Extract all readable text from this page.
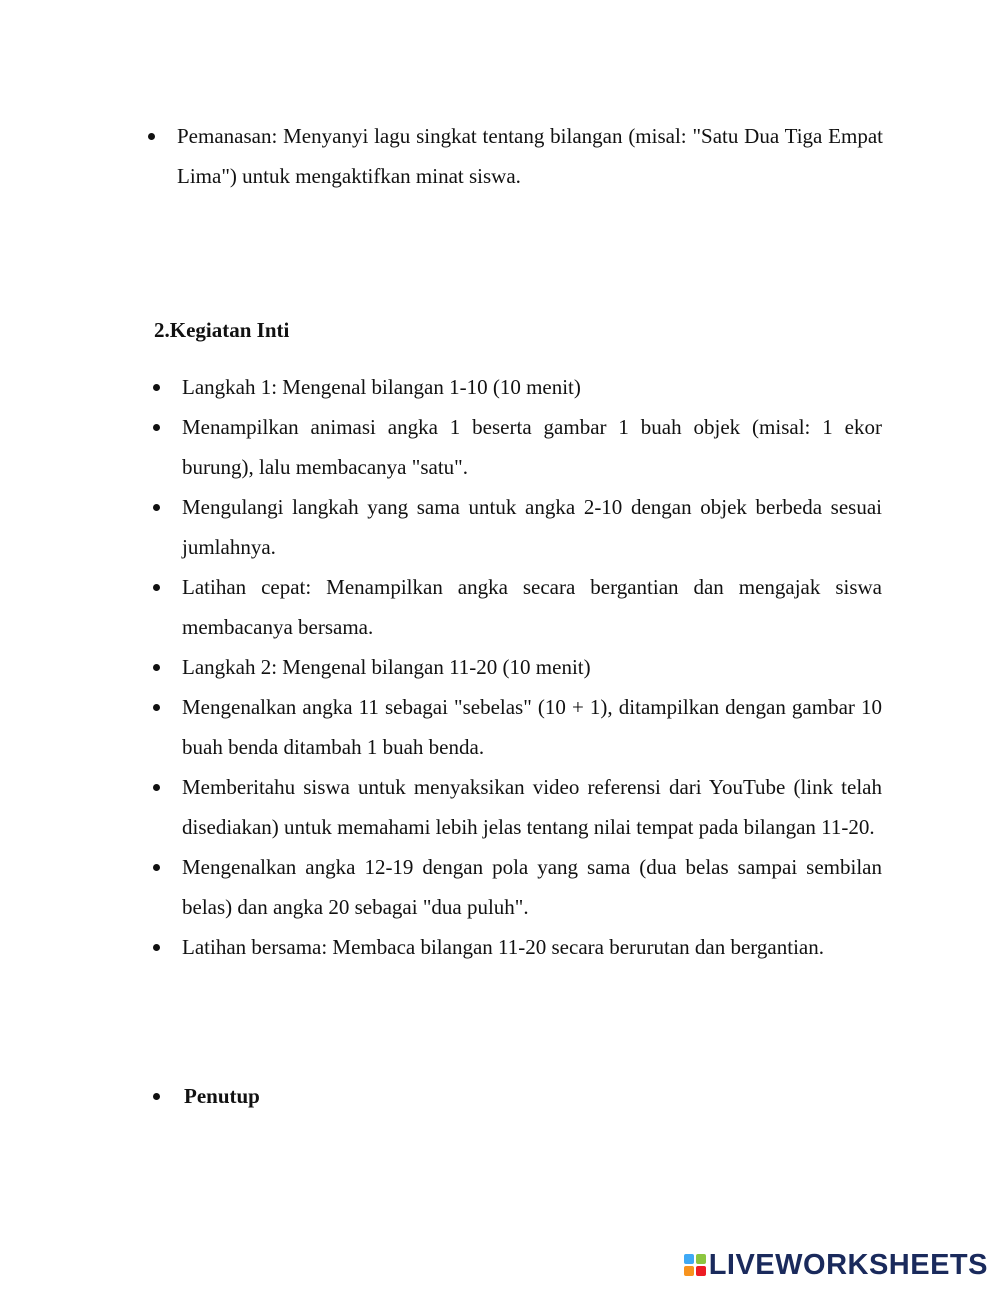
Pemanasan: Menyanyi lagu singkat tentang bilangan (misal: "Satu Dua Tiga Empat Lima") untuk mengaktifkan minat siswa.
2.Kegiatan Inti
Langkah 1: Mengenal bilangan 1-10 (10 menit)
Menampilkan animasi angka 1 beserta gambar 1 buah objek (misal: 1 ekor burung), lalu membacanya "satu".
Mengulangi langkah yang sama untuk angka 2-10 dengan objek berbeda sesuai jumlahnya.
Latihan cepat: Menampilkan angka secara bergantian dan mengajak siswa membacanya bersama.
Langkah 2: Mengenal bilangan 11-20 (10 menit)
Mengenalkan angka 11 sebagai "sebelas" (10 + 1), ditampilkan dengan gambar 10 buah benda ditambah 1 buah benda.
Memberitahu siswa untuk menyaksikan video referensi dari YouTube (link telah disediakan) untuk memahami lebih jelas tentang nilai tempat pada bilangan 11-20.
Mengenalkan angka 12-19 dengan pola yang sama (dua belas sampai sembilan belas) dan angka 20 sebagai "dua puluh".
Latihan bersama: Membaca bilangan 11-20 secara berurutan dan bergantian.
Penutup
LIVEWORKSHEETS
